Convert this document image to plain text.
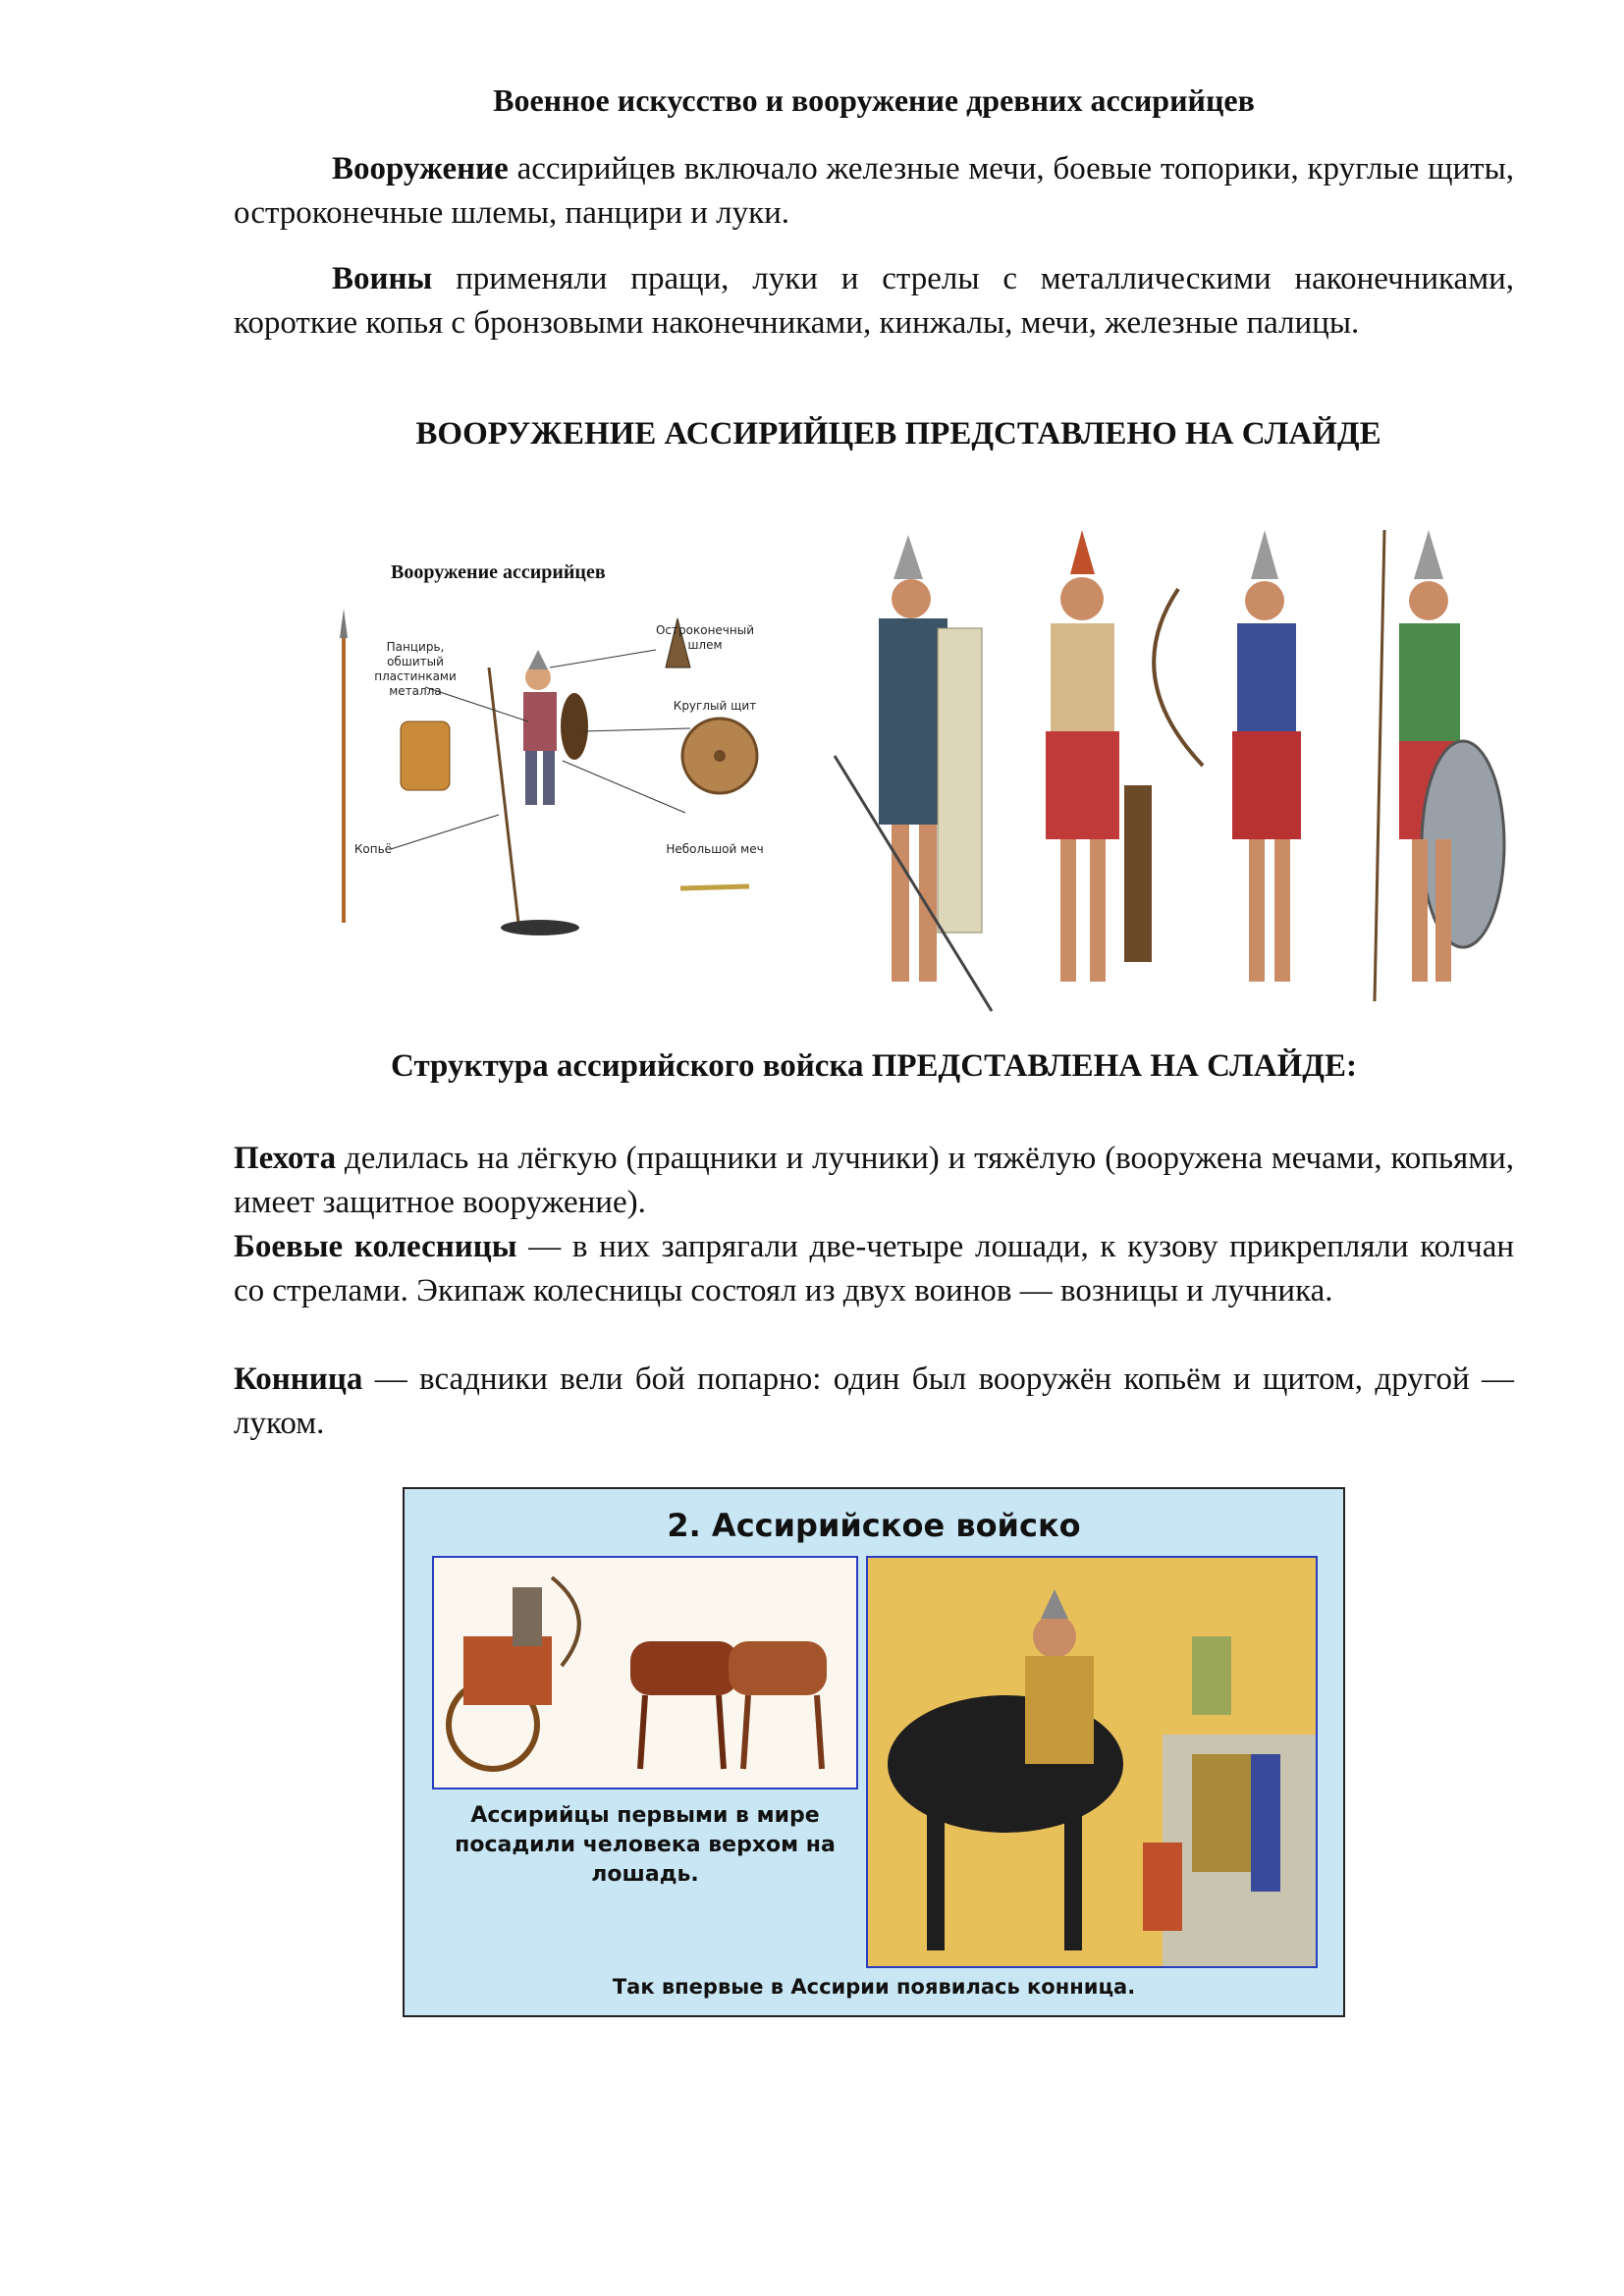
Военное искусство и вооружение древних ассирийцев

Вооружение ассирийцев включало железные мечи, боевые топорики, круглые щиты, остроконечные шлемы, панцири и луки.

Воины применяли пращи, луки и стрелы с металлическими наконечниками, короткие копья с бронзовыми наконечниками, кинжалы, мечи, железные палицы.

ВООРУЖЕНИЕ АССИРИЙЦЕВ ПРЕДСТАВЛЕНО НА СЛАЙДЕ
Структура ассирийского войска ПРЕДСТАВЛЕНА НА СЛАЙДЕ:

Пехота делилась на лёгкую (пращники и лучники) и тяжёлую (вооружена мечами, копьями, имеет защитное вооружение).

Боевые колесницы — в них запрягали две-четыре лошади, к кузову прикрепляли колчан со стрелами. Экипаж колесницы состоял из двух воинов — возницы и лучника.

Конница — всадники вели бой попарно: один был вооружён копьём и щитом, другой — луком.

Вооружение ассирийцев
Панцирь, обшитый пластинками металла
Остроконечный шлем
Круглый щит
Копьё	Небольшой меч
2. Ассирийское войско
Ассирийцы первыми в мире посадили человека верхом на лошадь.
Так впервые в Ассирии появилась конница.
